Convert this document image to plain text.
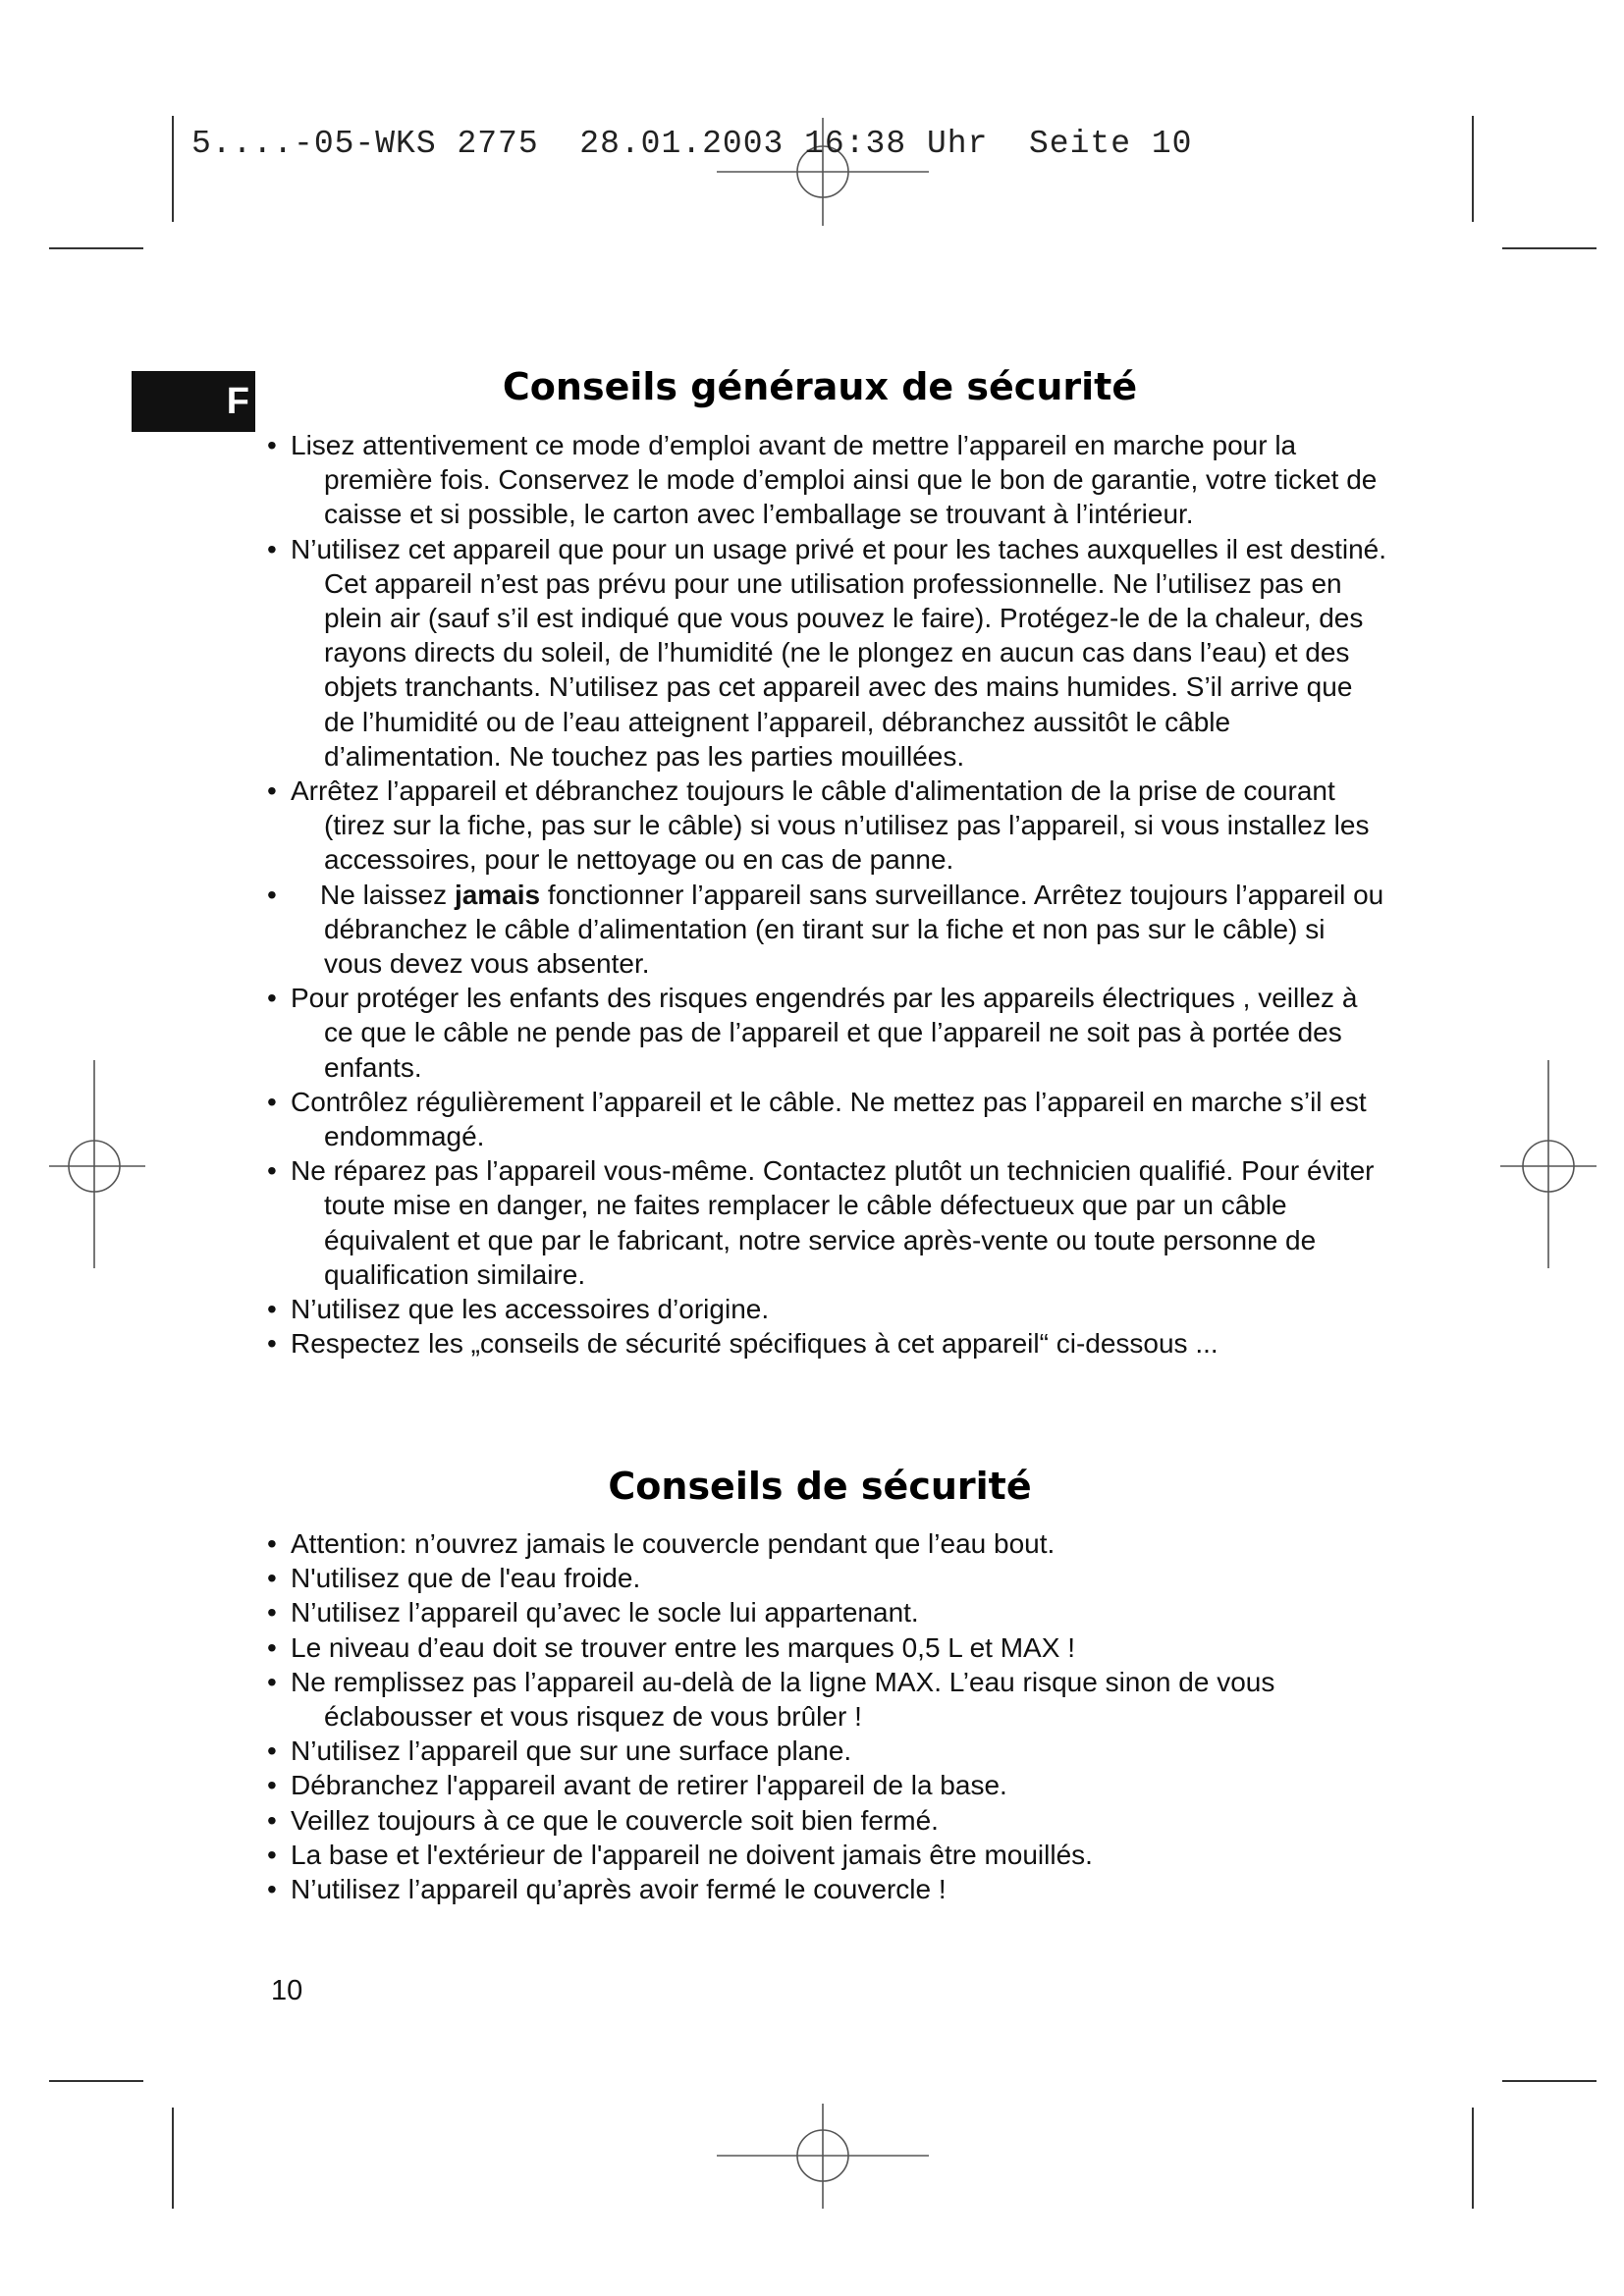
5....-05-WKS 2775 28.01.2003 16:38 Uhr Seite 10
F	Conseils généraux de sécurité
• Lisez attentivement ce mode d’emploi avant de mettre l’appareil en marche pour la première fois. Conservez le mode d’emploi ainsi que le bon de garantie, votre ticket de caisse et si possible, le carton avec l’emballage se trouvant à l’intérieur.
• N’utilisez cet appareil que pour un usage privé et pour les taches auxquelles il est destiné. Cet appareil n’est pas prévu pour une utilisation professionnelle. Ne l’utilisez pas en plein air (sauf s’il est indiqué que vous pouvez le faire). Protégez-le de la chaleur, des rayons directs du soleil, de l’humidité (ne le plongez en aucun cas dans l’eau) et des objets tranchants. N’utilisez pas cet appareil avec des mains humides. S’il arrive que de l’humidité ou de l’eau atteignent l’appareil, débranchez aussitôt le câble d’alimentation. Ne touchez pas les parties mouillées.
• Arrêtez l’appareil et débranchez toujours le câble d'alimentation de la prise de courant (tirez sur la fiche, pas sur le câble) si vous n’utilisez pas l’appareil, si vous installez les accessoires, pour le nettoyage ou en cas de panne.
• Ne laissez jamais fonctionner l’appareil sans surveillance. Arrêtez toujours l’appareil ou débranchez le câble d’alimentation (en tirant sur la fiche et non pas sur le câble) si vous devez vous absenter.
• Pour protéger les enfants des risques engendrés par les appareils électriques , veillez à ce que le câble ne pende pas de l’appareil et que l’appareil ne soit pas à portée des enfants.
• Contrôlez régulièrement l’appareil et le câble. Ne mettez pas l’appareil en marche s’il est endommagé.
• Ne réparez pas l’appareil vous-même. Contactez plutôt un technicien qualifié. Pour éviter toute mise en danger, ne faites remplacer le câble défectueux que par un câble équivalent et que par le fabricant, notre service après-vente ou toute personne de qualification similaire.
• N’utilisez que les accessoires d’origine.
• Respectez les „conseils de sécurité spécifiques à cet appareil“ ci-dessous ...
Conseils de sécurité
• Attention: n’ouvrez jamais le couvercle pendant que l’eau bout.
• N'utilisez que de l'eau froide.
• N’utilisez l’appareil qu’avec le socle lui appartenant.
• Le niveau d’eau doit se trouver entre les marques 0,5 L et MAX !
• Ne remplissez pas l’appareil au-delà de la ligne MAX. L’eau risque sinon de vous éclabousser et vous risquez de vous brûler !
• N’utilisez l’appareil que sur une surface plane.
• Débranchez l'appareil avant de retirer l'appareil de la base.
• Veillez toujours à ce que le couvercle soit bien fermé.
• La base et l'extérieur de l'appareil ne doivent jamais être mouillés.
• N’utilisez l’appareil qu’après avoir fermé le couvercle !
10
